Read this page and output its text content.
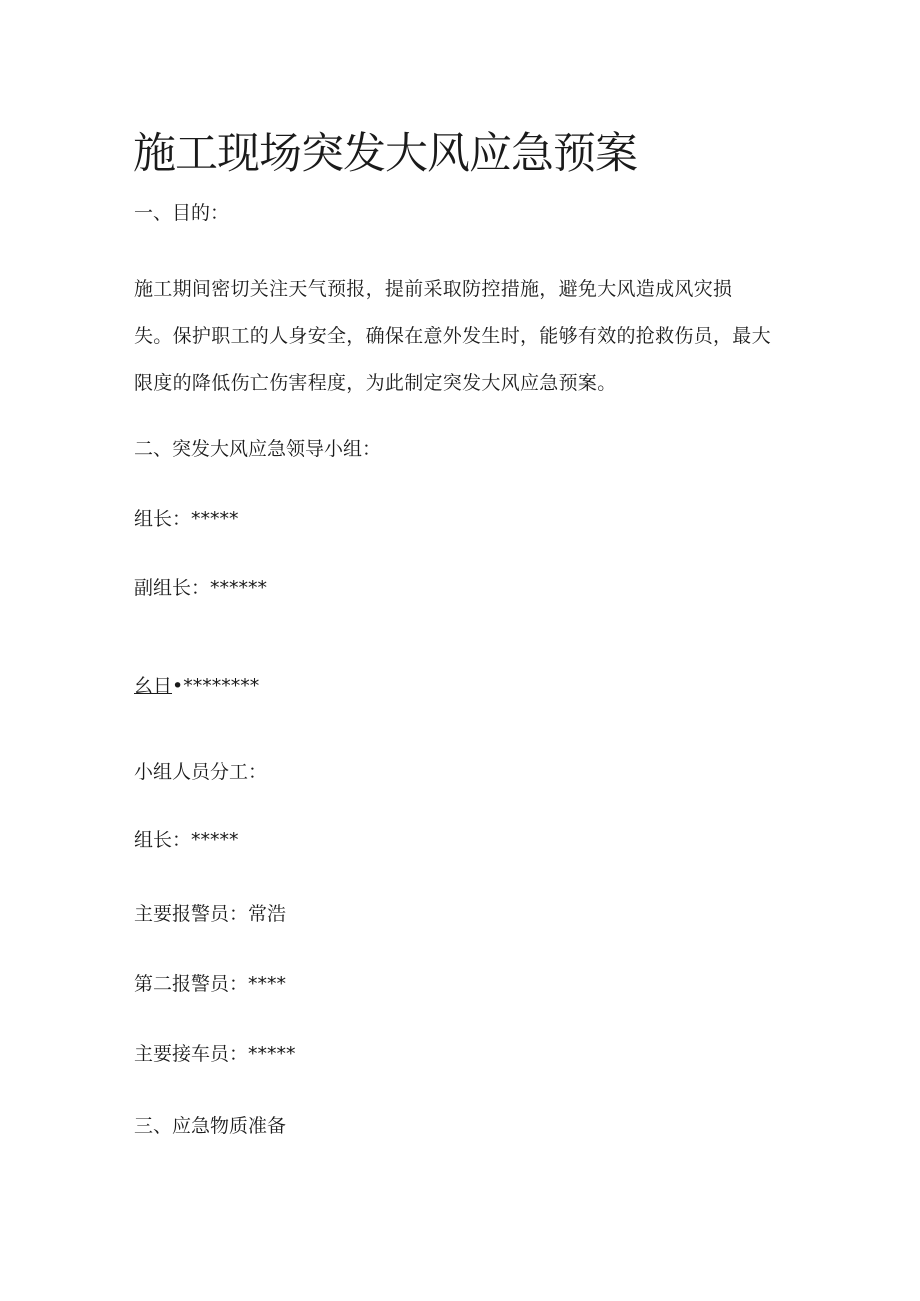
施工现场突发大风应急预案

一、目的：

施工期间密切关注天气预报，提前采取防控措施，避免大风造成风灾损
失。保护职工的人身安全，确保在意外发生时，能够有效的抢救伤员，最大
限度的降低伤亡伤害程度，为此制定突发大风应急预案。

二、突发大风应急领导小组：

组长：*****

副组长：******

幺日•********

小组人员分工：

组长：*****

主要报警员：常浩

第二报警员：****

主要接车员：*****

三、应急物质准备
